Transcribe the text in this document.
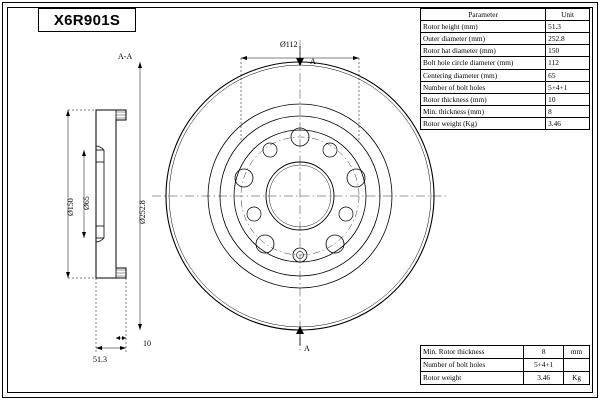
X6R901S
A-A
A
A
Ø112
Ø150 Ø65	Ø252.8
51.3
10
Parameter	Unit
Rotor height (mm)	51.3
Outer diameter (mm)	252.8
Rotor hat diameter (mm)	150
Bolt hole circle diameter (mm)	112
Centering diameter (mm)	65
Number of bolt holes	5+4+1
Rotor thickness (mm)	10
Min. thickness (mm)	8
Rotor weight (Kg)	3.46
Min. Rotor thickness	8	mm
Number of bolt holes	5+4+1	
Rotor weight	3.46	Kg
